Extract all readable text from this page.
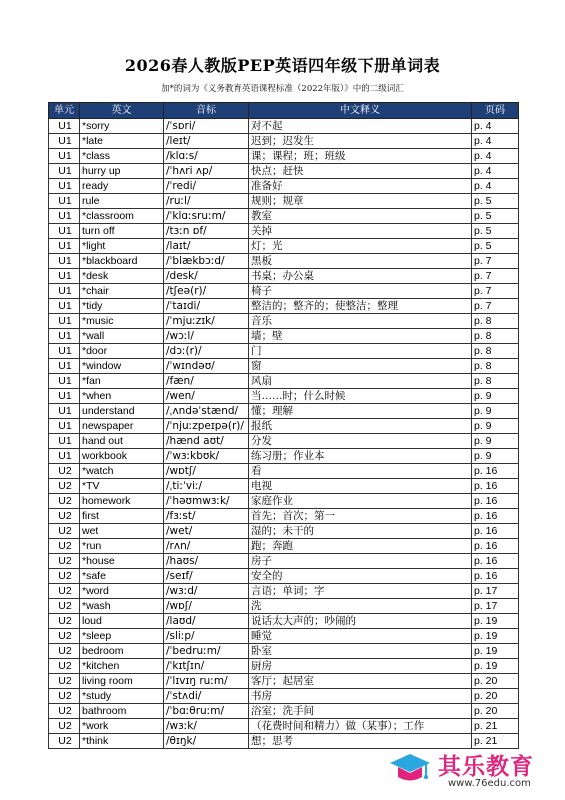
2026春人教版PEP英语四年级下册单词表
加*的词为《义务教育英语课程标准（2022年版）》中的二级词汇
单元	英文	音标	中文释义	页码
U1	*sorry	/ˈsɒri/	对不起	p. 4
U1	*late	/leɪt/	迟到；迟发生	p. 4
U1	*class	/klɑːs/	课；课程；班；班级	p. 4
U1	hurry up	/ˈhʌri ʌp/	快点；赶快	p. 4
U1	ready	/ˈredi/	准备好	p. 4
U1	rule	/ruːl/	规则；规章	p. 5
U1	*classroom	/ˈklɑːsruːm/	教室	p. 5
U1	turn off	/tɜːn ɒf/	关掉	p. 5
U1	*light	/laɪt/	灯；光	p. 5
U1	*blackboard	/ˈblækbɔːd/	黑板	p. 7
U1	*desk	/desk/	书桌；办公桌	p. 7
U1	*chair	/tʃeə(r)/	椅子	p. 7
U1	*tidy	/ˈtaɪdi/	整洁的；整齐的；使整洁；整理	p. 7
U1	*music	/ˈmjuːzɪk/	音乐	p. 8
U1	*wall	/wɔːl/	墙；壁	p. 8
U1	*door	/dɔː(r)/	门	p. 8
U1	*window	/ˈwɪndəʊ/	窗	p. 8
U1	*fan	/fæn/	风扇	p. 8
U1	*when	/wen/	当……时；什么时候	p. 9
U1	understand	/ˌʌndəˈstænd/	懂；理解	p. 9
U1	newspaper	/ˈnjuːzpeɪpə(r)/	报纸	p. 9
U1	hand out	/hænd aʊt/	分发	p. 9
U1	workbook	/ˈwɜːkbʊk/	练习册；作业本	p. 9
U2	*watch	/wɒtʃ/	看	p. 16
U2	*TV	/ˌtiːˈviː/	电视	p. 16
U2	homework	/ˈhəʊmwɜːk/	家庭作业	p. 16
U2	first	/fɜːst/	首先；首次；第一	p. 16
U2	wet	/wet/	湿的；未干的	p. 16
U2	*run	/rʌn/	跑；奔跑	p. 16
U2	*house	/haʊs/	房子	p. 16
U2	*safe	/seɪf/	安全的	p. 16
U2	*word	/wɜːd/	言语；单词；字	p. 17
U2	*wash	/wɒʃ/	洗	p. 17
U2	loud	/laʊd/	说话太大声的；吵闹的	p. 19
U2	*sleep	/sliːp/	睡觉	p. 19
U2	bedroom	/ˈbedruːm/	卧室	p. 19
U2	*kitchen	/ˈkɪtʃɪn/	厨房	p. 19
U2	living room	/ˈlɪvɪŋ ruːm/	客厅；起居室	p. 20
U2	*study	/ˈstʌdi/	书房	p. 20
U2	bathroom	/ˈbɑːθruːm/	浴室；洗手间	p. 20
U2	*work	/wɜːk/	（花费时间和精力）做（某事）；工作	p. 21
U2	*think	/θɪŋk/	想；思考	p. 21
其乐教育
www.76edu.com
